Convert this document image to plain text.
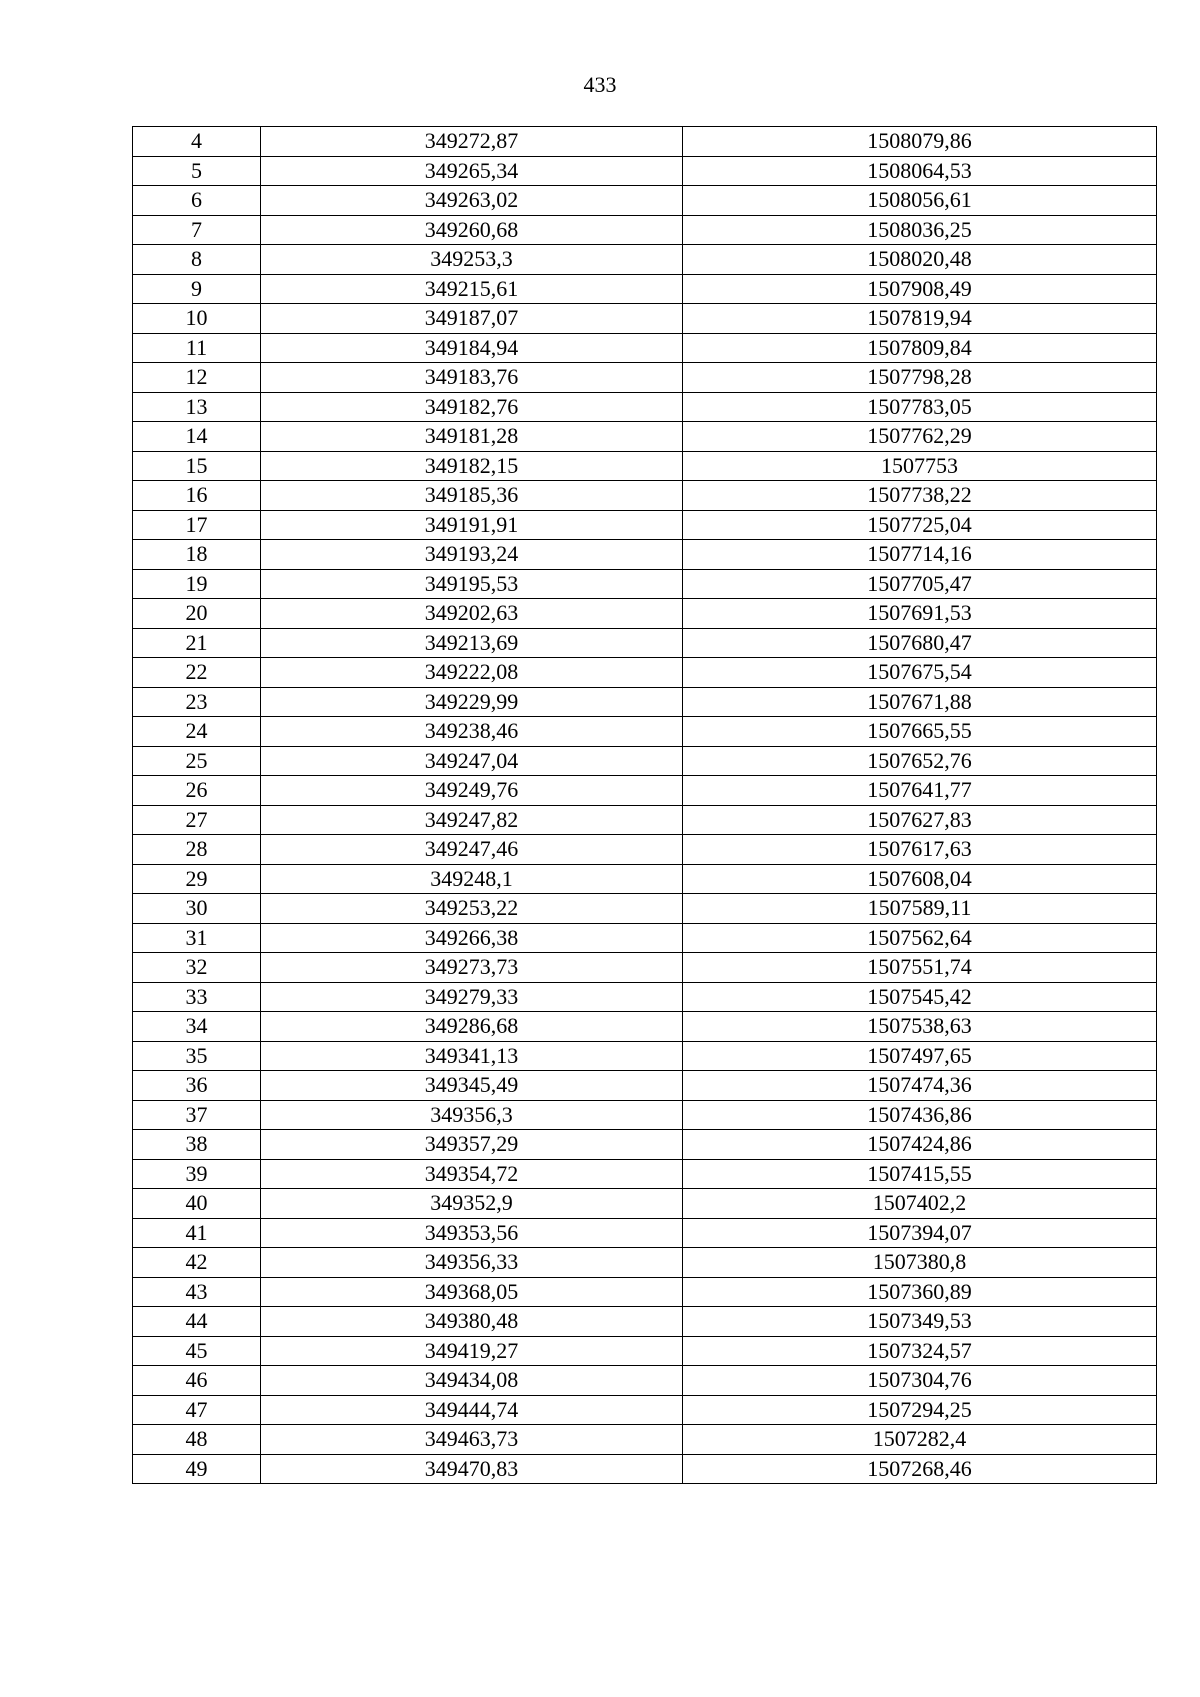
433
4	349272,87	1508079,86
5	349265,34	1508064,53
6	349263,02	1508056,61
7	349260,68	1508036,25
8	349253,3	1508020,48
9	349215,61	1507908,49
10	349187,07	1507819,94
11	349184,94	1507809,84
12	349183,76	1507798,28
13	349182,76	1507783,05
14	349181,28	1507762,29
15	349182,15	1507753
16	349185,36	1507738,22
17	349191,91	1507725,04
18	349193,24	1507714,16
19	349195,53	1507705,47
20	349202,63	1507691,53
21	349213,69	1507680,47
22	349222,08	1507675,54
23	349229,99	1507671,88
24	349238,46	1507665,55
25	349247,04	1507652,76
26	349249,76	1507641,77
27	349247,82	1507627,83
28	349247,46	1507617,63
29	349248,1	1507608,04
30	349253,22	1507589,11
31	349266,38	1507562,64
32	349273,73	1507551,74
33	349279,33	1507545,42
34	349286,68	1507538,63
35	349341,13	1507497,65
36	349345,49	1507474,36
37	349356,3	1507436,86
38	349357,29	1507424,86
39	349354,72	1507415,55
40	349352,9	1507402,2
41	349353,56	1507394,07
42	349356,33	1507380,8
43	349368,05	1507360,89
44	349380,48	1507349,53
45	349419,27	1507324,57
46	349434,08	1507304,76
47	349444,74	1507294,25
48	349463,73	1507282,4
49	349470,83	1507268,46
